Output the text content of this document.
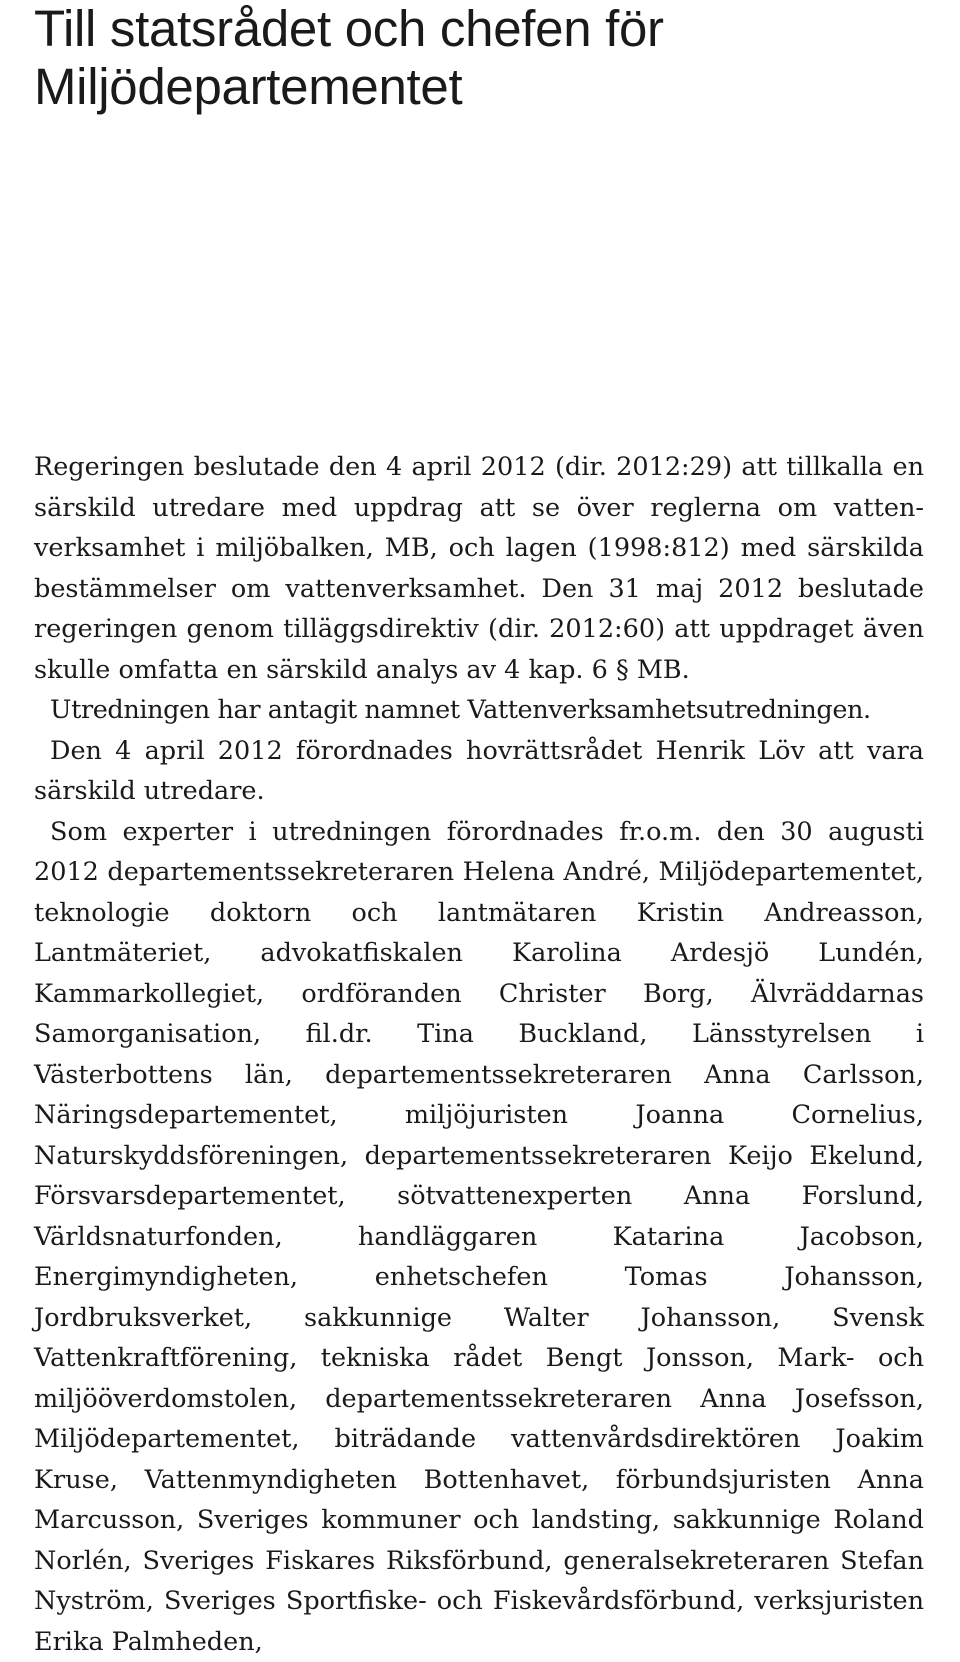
Till statsrådet och chefen för Miljödepartementet

Regeringen beslutade den 4 april 2012 (dir. 2012:29) att tillkalla en särskild utredare med uppdrag att se över reglerna om vattenverksamhet i miljöbalken, MB, och lagen (1998:812) med särskilda bestämmelser om vattenverksamhet. Den 31 maj 2012 beslutade regeringen genom tilläggsdirektiv (dir. 2012:60) att uppdraget även skulle omfatta en särskild analys av 4 kap. 6 § MB.

Utredningen har antagit namnet Vattenverksamhetsutredningen.

Den 4 april 2012 förordnades hovrättsrådet Henrik Löv att vara särskild utredare.

Som experter i utredningen förordnades fr.o.m. den 30 augusti 2012 departementssekreteraren Helena André, Miljödepartementet, teknologie doktorn och lantmätaren Kristin Andreasson, Lantmäteriet, advokatfiskalen Karolina Ardesjö Lundén, Kammarkollegiet, ordföranden Christer Borg, Älvräddarnas Samorganisation, fil.dr. Tina Buckland, Länsstyrelsen i Västerbottens län, departementssekreteraren Anna Carlsson, Näringsdepartementet, miljöjuristen Joanna Cornelius, Naturskyddsföreningen, departementssekreteraren Keijo Ekelund, Försvarsdepartementet, sötvattenexperten Anna Forslund, Världsnaturfonden, handläggaren Katarina Jacobson, Energimyndigheten, enhetschefen Tomas Johansson, Jordbruksverket, sakkunnige Walter Johansson, Svensk Vattenkraftförening, tekniska rådet Bengt Jonsson, Mark- och miljööverdomstolen, departementssekreteraren Anna Josefsson, Miljödepartementet, biträdande vattenvårdsdirektören Joakim Kruse, Vattenmyndigheten Bottenhavet, förbundsjuristen Anna Marcusson, Sveriges kommuner och landsting, sakkunnige Roland Norlén, Sveriges Fiskares Riksförbund, generalsekreteraren Stefan Nyström, Sveriges Sportfiske- och Fiskevårdsförbund, verksjuristen Erika Palmheden,
